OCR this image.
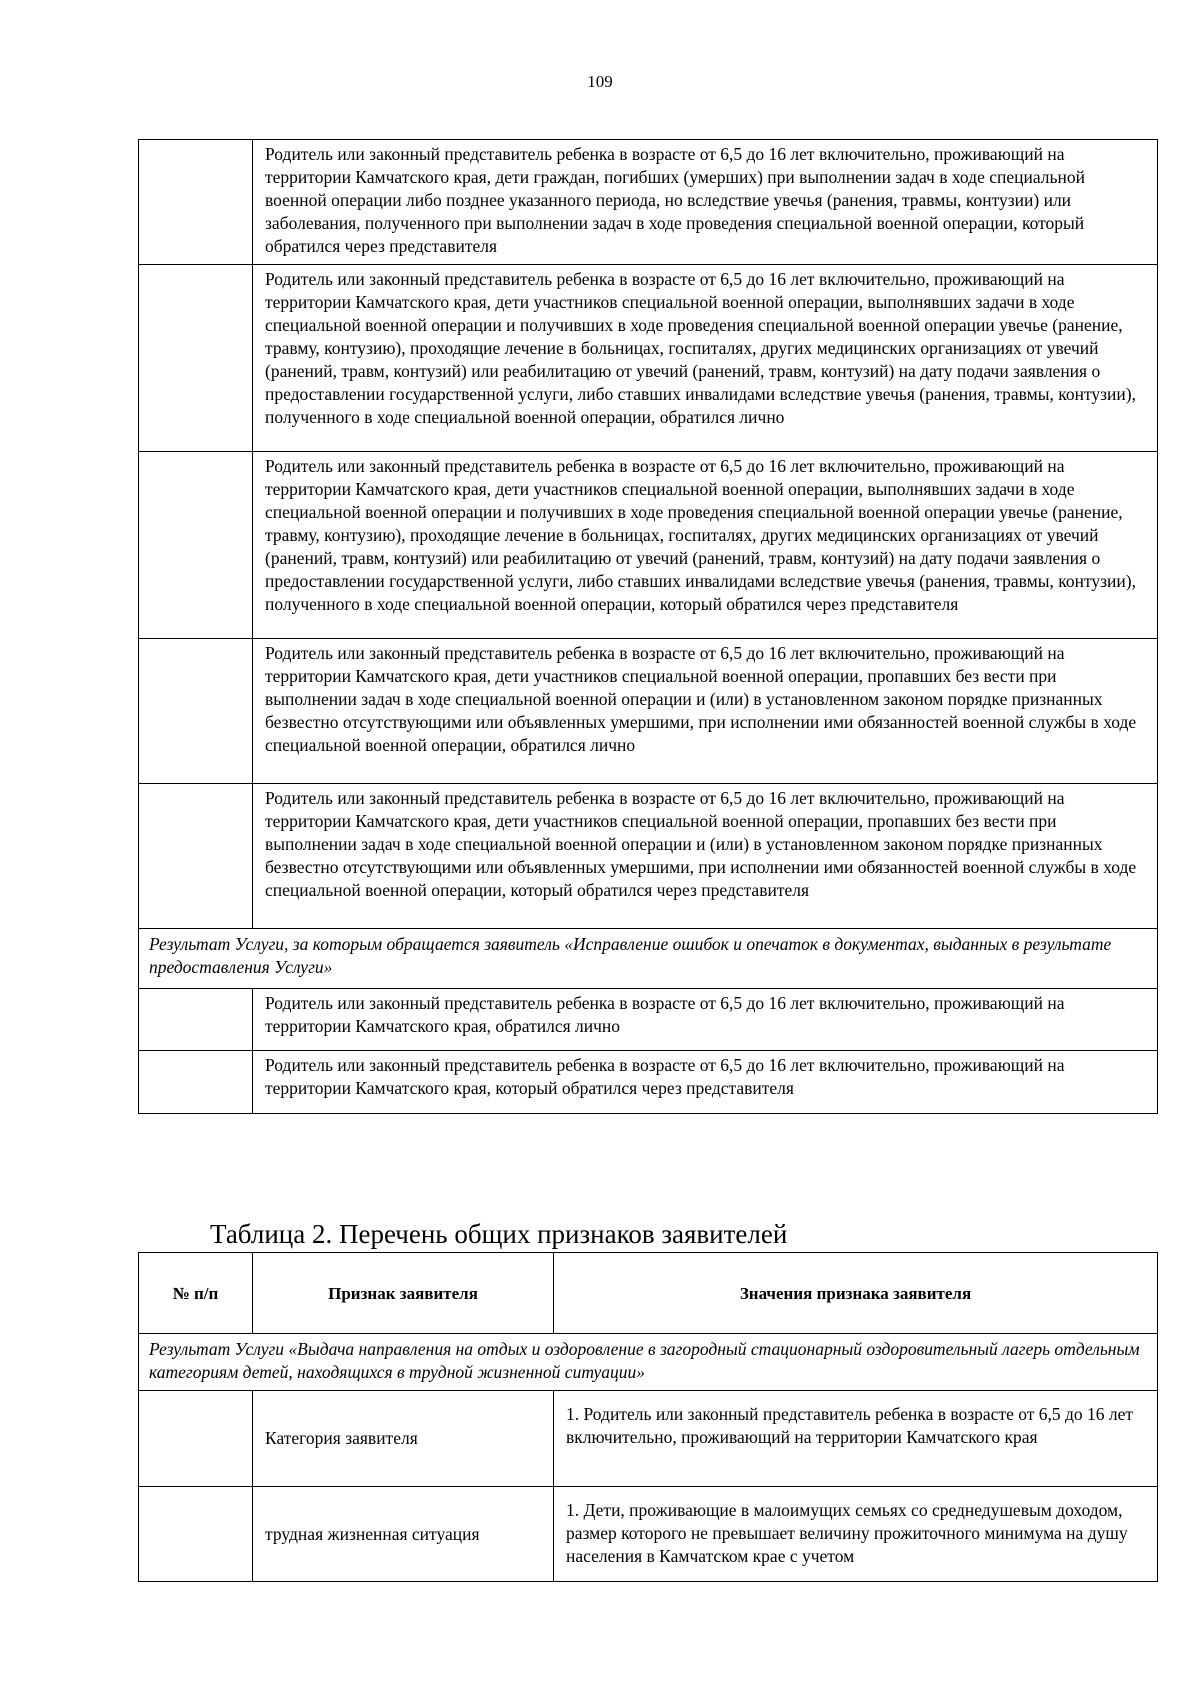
109
	Родитель или законный представитель ребенка в возрасте от 6,5 до 16 лет включительно, проживающий на территории Камчатского края, дети граждан, погибших (умерших) при выполнении задач в ходе специальной военной операции либо позднее указанного периода, но вследствие увечья (ранения, травмы, контузии) или заболевания, полученного при выполнении задач в ходе проведения специальной военной операции, который обратился через представителя
	Родитель или законный представитель ребенка в возрасте от 6,5 до 16 лет включительно, проживающий на территории Камчатского края, дети участников специальной военной операции, выполнявших задачи в ходе специальной военной операции и получивших в ходе проведения специальной военной операции увечье (ранение, травму, контузию), проходящие лечение в больницах, госпиталях, других медицинских организациях от увечий (ранений, травм, контузий) или реабилитацию от увечий (ранений, травм, контузий) на дату подачи заявления о предоставлении государственной услуги, либо ставших инвалидами вследствие увечья (ранения, травмы, контузии), полученного в ходе специальной военной операции, обратился лично
	Родитель или законный представитель ребенка в возрасте от 6,5 до 16 лет включительно, проживающий на территории Камчатского края, дети участников специальной военной операции, выполнявших задачи в ходе специальной военной операции и получивших в ходе проведения специальной военной операции увечье (ранение, травму, контузию), проходящие лечение в больницах, госпиталях, других медицинских организациях от увечий (ранений, травм, контузий) или реабилитацию от увечий (ранений, травм, контузий) на дату подачи заявления о предоставлении государственной услуги, либо ставших инвалидами вследствие увечья (ранения, травмы, контузии), полученного в ходе специальной военной операции, который обратился через представителя
	Родитель или законный представитель ребенка в возрасте от 6,5 до 16 лет включительно, проживающий на территории Камчатского края, дети участников специальной военной операции, пропавших без вести при выполнении задач в ходе специальной военной операции и (или) в установленном законом порядке признанных безвестно отсутствующими или объявленных умершими, при исполнении ими обязанностей военной службы в ходе специальной военной операции, обратился лично
	Родитель или законный представитель ребенка в возрасте от 6,5 до 16 лет включительно, проживающий на территории Камчатского края, дети участников специальной военной операции, пропавших без вести при выполнении задач в ходе специальной военной операции и (или) в установленном законом порядке признанных безвестно отсутствующими или объявленных умершими, при исполнении ими обязанностей военной службы в ходе специальной военной операции, который обратился через представителя
Результат Услуги, за которым обращается заявитель «Исправление ошибок и опечаток в документах, выданных в результате предоставления Услуги»	
	Родитель или законный представитель ребенка в возрасте от 6,5 до 16 лет включительно, проживающий на территории Камчатского края, обратился лично
	Родитель или законный представитель ребенка в возрасте от 6,5 до 16 лет включительно, проживающий на территории Камчатского края, который обратился через представителя
Таблица 2. Перечень общих признаков заявителей
№ п/п	Признак заявителя	Значения признака заявителя
Результат Услуги «Выдача направления на отдых и оздоровление в загородный стационарный оздоровительный лагерь отдельным категориям детей, находящихся в трудной жизненной ситуации»		
	Категория заявителя	1. Родитель или законный представитель ребенка в возрасте от 6,5 до 16 лет включительно, проживающий на территории Камчатского края
	трудная жизненная ситуация	1. Дети, проживающие в малоимущих семьях со среднедушевым доходом, размер которого не превышает величину прожиточного минимума на душу населения в Камчатском крае с учетом
